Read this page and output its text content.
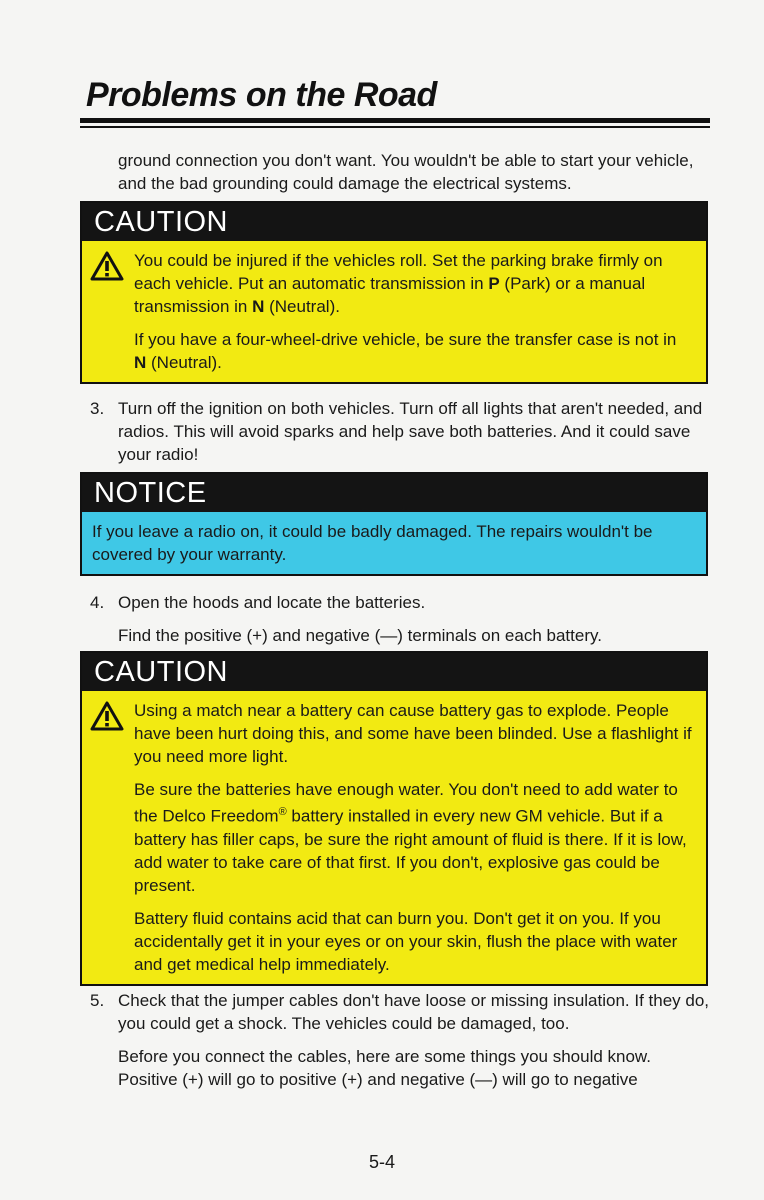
Problems on the Road

ground connection you don't want. You wouldn't be able to start your vehicle, and the bad grounding could damage the electrical systems.

CAUTION

You could be injured if the vehicles roll. Set the parking brake firmly on each vehicle. Put an automatic transmission in P (Park) or a manual transmission in N (Neutral).

If you have a four-wheel-drive vehicle, be sure the transfer case is not in N (Neutral).

3. Turn off the ignition on both vehicles. Turn off all lights that aren't needed, and radios. This will avoid sparks and help save both batteries. And it could save your radio!

NOTICE

If you leave a radio on, it could be badly damaged. The repairs wouldn't be covered by your warranty.

4. Open the hoods and locate the batteries.

Find the positive (+) and negative (—) terminals on each battery.

CAUTION

Using a match near a battery can cause battery gas to explode. People have been hurt doing this, and some have been blinded. Use a flashlight if you need more light.

Be sure the batteries have enough water. You don't need to add water to the Delco Freedom® battery installed in every new GM vehicle. But if a battery has filler caps, be sure the right amount of fluid is there. If it is low, add water to take care of that first. If you don't, explosive gas could be present.

Battery fluid contains acid that can burn you. Don't get it on you. If you accidentally get it in your eyes or on your skin, flush the place with water and get medical help immediately.

5. Check that the jumper cables don't have loose or missing insulation. If they do, you could get a shock. The vehicles could be damaged, too.

Before you connect the cables, here are some things you should know. Positive (+) will go to positive (+) and negative (—) will go to negative

5-4
